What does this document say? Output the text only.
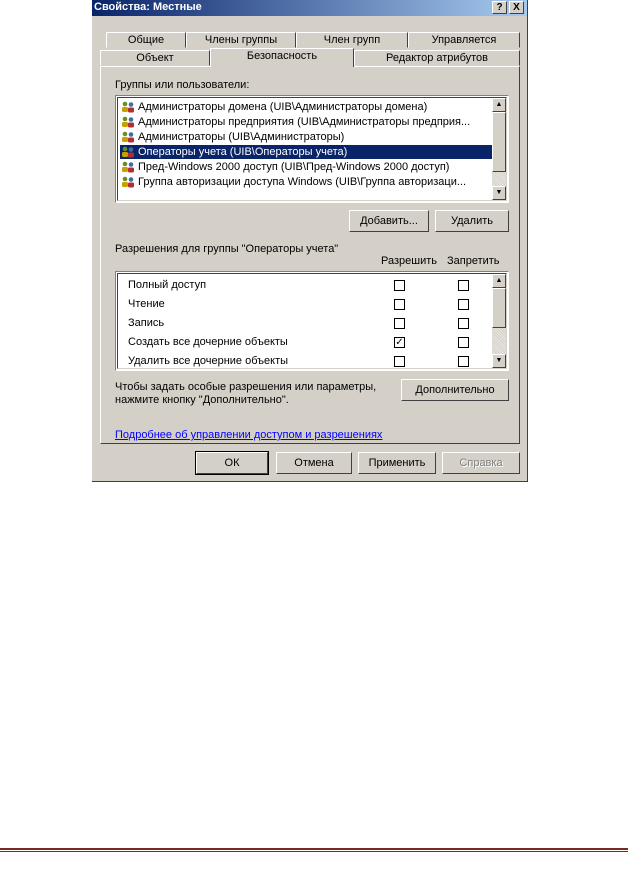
Свойства: Местные	?	X
Общие	Члены группы	Член групп	Управляется
Объект	Безопасность	Редактор атрибутов
Группы или пользователи:
Администраторы домена (UIB\Администраторы домена)
Администраторы предприятия (UIB\Администраторы предприя...
Администраторы (UIB\Администраторы)
Операторы учета (UIB\Операторы учета)
Пред-Windows 2000 доступ (UIB\Пред-Windows 2000 доступ)
Группа авторизации доступа Windows (UIB\Группа авторизаци...
▲
▼
Добавить...	Удалить
Разрешения для группы "Операторы учета"
Разрешить Запретить
Полный доступ
Чтение
Запись
Создать все дочерние объекты	✓
Удалить все дочерние объекты
▲
▼
Чтобы задать особые разрешения или параметры,
нажмите кнопку "Дополнительно".
Дополнительно
Подробнее об управлении доступом и разрешениях
ОК	Отмена	Применить	Справка
